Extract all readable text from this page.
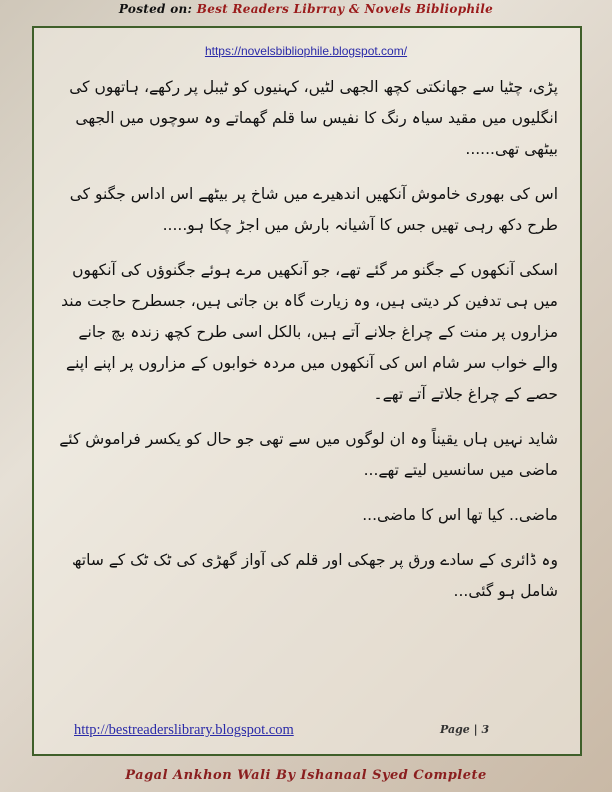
Posted on: Best Readers Librray & Novels Bibliophile
https://novelsbibliophile.blogspot.com/

پڑی، چٹیا سے جھانکتی کچھ الجھی لٹیں، کہنیوں کو ٹیبل پر رکھے، ہاتھوں کی انگلیوں میں مقید سیاہ رنگ کا نفیس سا قلم گھماتے وہ سوچوں میں الجھی بیٹھی تھی......

اس کی بھوری خاموش آنکھیں اندھیرے میں شاخ پر بیٹھے اس اداس جگنو کی طرح دکھ رہی تھیں جس کا آشیانہ بارش میں اجڑ چکا ہو.....

اسکی آنکھوں کے جگنو مر گئے تھے، جو آنکھیں مرے ہوئے جگنوؤں کی آنکھوں میں ہی تدفین کر دیتی ہیں، وہ زیارت گاہ بن جاتی ہیں، جسطرح حاجت مند مزاروں پر منت کے چراغ جلانے آتے ہیں، بالکل اسی طرح کچھ زندہ بچ جانے والے خواب سر شام اس کی آنکھوں میں مردہ خوابوں کے مزاروں پر اپنے اپنے حصے کے چراغ جلاتے آتے تھے۔

شاید نہیں ہاں یقیناً وہ ان لوگوں میں سے تھی جو حال کو یکسر فراموش کئے ماضی میں سانسیں لیتے تھے...

ماضی.. کیا تھا اس کا ماضی...

وہ ڈائری کے سادے ورق پر جھکی اور قلم کی آواز گھڑی کی ٹک ٹک کے ساتھ شامل ہو گئی...

http://bestreaderslibrary.blogspot.com	Page | 3
Pagal Ankhon Wali By Ishanaal Syed Complete
